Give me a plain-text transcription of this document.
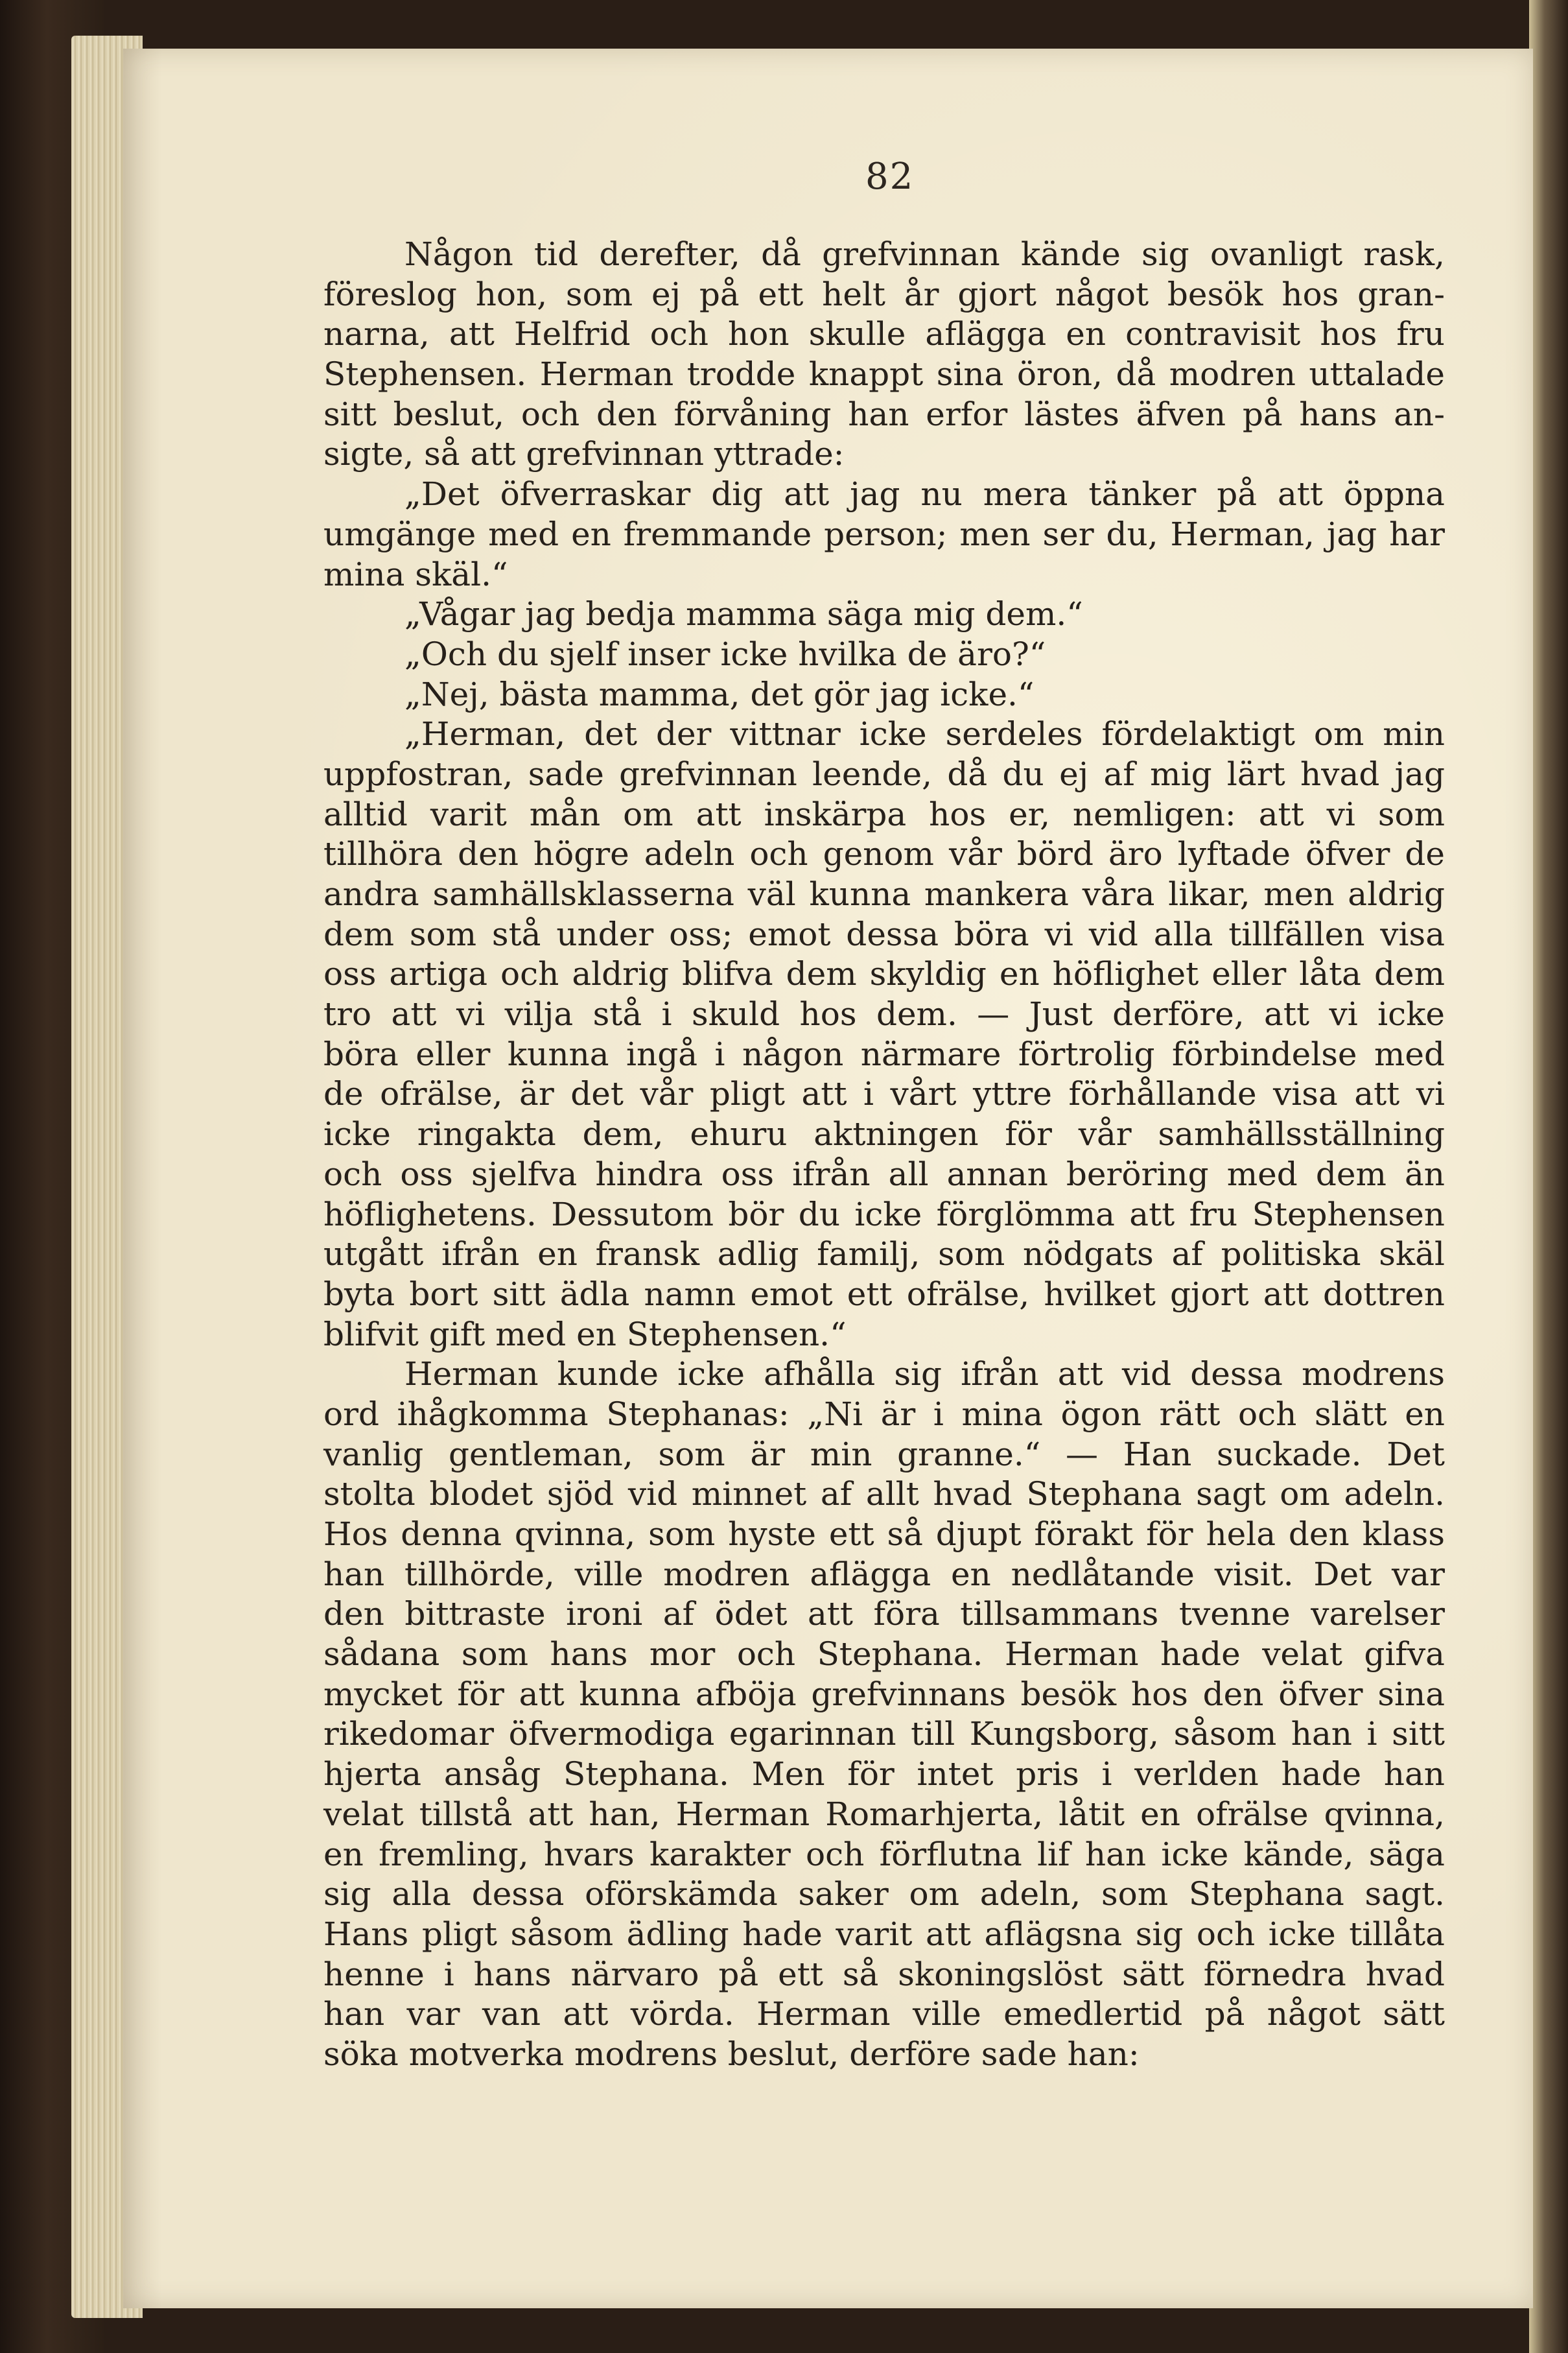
82
Någon tid derefter, då grefvinnan kände sig ovanligt rask,
föreslog hon, som ej på ett helt år gjort något besök hos gran-
narna, att Helfrid och hon skulle aflägga en contravisit hos fru
Stephensen. Herman trodde knappt sina öron, då modren uttalade
sitt beslut, och den förvåning han erfor lästes äfven på hans an-
sigte, så att grefvinnan yttrade:
„Det öfverraskar dig att jag nu mera tänker på att öppna
umgänge med en fremmande person; men ser du, Herman, jag har
mina skäl.“
„Vågar jag bedja mamma säga mig dem.“
„Och du sjelf inser icke hvilka de äro?“
„Nej, bästa mamma, det gör jag icke.“
„Herman, det der vittnar icke serdeles fördelaktigt om min
uppfostran, sade grefvinnan leende, då du ej af mig lärt hvad jag
alltid varit mån om att inskärpa hos er, nemligen: att vi som
tillhöra den högre adeln och genom vår börd äro lyftade öfver de
andra samhällsklasserna väl kunna mankera våra likar, men aldrig
dem som stå under oss; emot dessa böra vi vid alla tillfällen visa
oss artiga och aldrig blifva dem skyldig en höflighet eller låta dem
tro att vi vilja stå i skuld hos dem. — Just derföre, att vi icke
böra eller kunna ingå i någon närmare förtrolig förbindelse med
de ofrälse, är det vår pligt att i vårt yttre förhållande visa att vi
icke ringakta dem, ehuru aktningen för vår samhällsställning
och oss sjelfva hindra oss ifrån all annan beröring med dem än
höflighetens. Dessutom bör du icke förglömma att fru Stephensen
utgått ifrån en fransk adlig familj, som nödgats af politiska skäl
byta bort sitt ädla namn emot ett ofrälse, hvilket gjort att dottren
blifvit gift med en Stephensen.“
Herman kunde icke afhålla sig ifrån att vid dessa modrens
ord ihågkomma Stephanas: „Ni är i mina ögon rätt och slätt en
vanlig gentleman, som är min granne.“ — Han suckade. Det
stolta blodet sjöd vid minnet af allt hvad Stephana sagt om adeln.
Hos denna qvinna, som hyste ett så djupt förakt för hela den klass
han tillhörde, ville modren aflägga en nedlåtande visit. Det var
den bittraste ironi af ödet att föra tillsammans tvenne varelser
sådana som hans mor och Stephana. Herman hade velat gifva
mycket för att kunna afböja grefvinnans besök hos den öfver sina
rikedomar öfvermodiga egarinnan till Kungsborg, såsom han i sitt
hjerta ansåg Stephana. Men för intet pris i verlden hade han
velat tillstå att han, Herman Romarhjerta, låtit en ofrälse qvinna,
en fremling, hvars karakter och förflutna lif han icke kände, säga
sig alla dessa oförskämda saker om adeln, som Stephana sagt.
Hans pligt såsom ädling hade varit att aflägsna sig och icke tillåta
henne i hans närvaro på ett så skoningslöst sätt förnedra hvad
han var van att vörda. Herman ville emedlertid på något sätt
söka motverka modrens beslut, derföre sade han:
